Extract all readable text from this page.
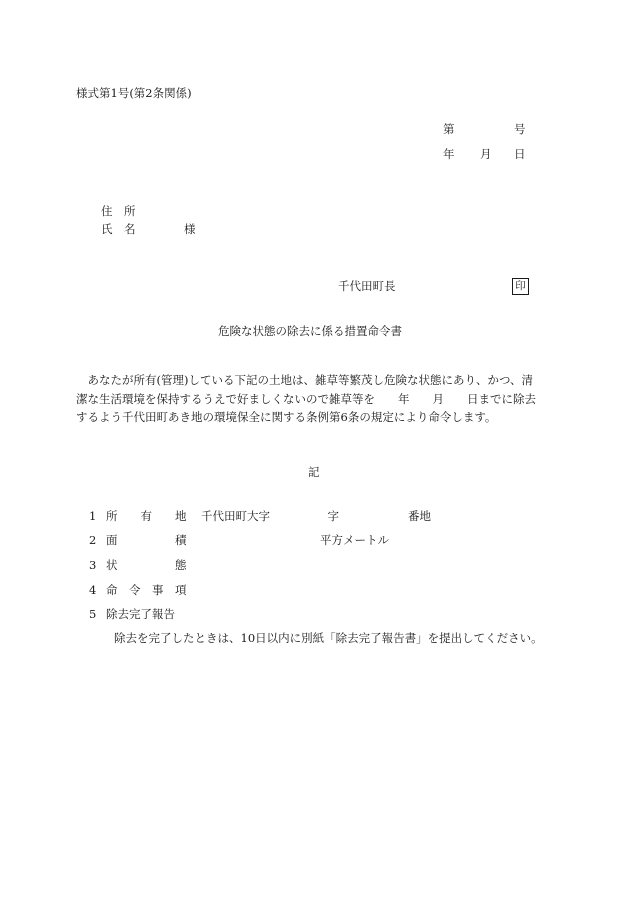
様式第1号(第2条関係)
第	号
年 月 日
住　所
氏　名	様
千代田町長	印
危険な状態の除去に係る措置命令書
　あなたが所有(管理)している下記の土地は、雑草等繁茂し危険な状態にあり、かつ、清
潔な生活環境を保持するうえで好ましくないので雑草等を　　年　　月　　日までに除去
するよう千代田町あき地の環境保全に関する条例第6条の規定により命令します。
記
1 所　　有　　地 千代田町大字　　　　　字　　　　　　番地
2 面　　　　　積	平方メートル
3 状　　　　　態
4 命　令　事　項
5 除去完了報告
除去を完了したときは、10日以内に別紙「除去完了報告書」を提出してください。
